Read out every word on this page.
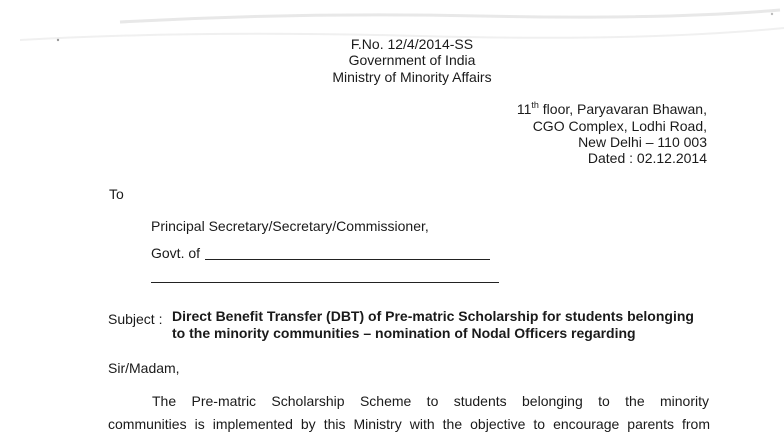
F.No. 12/4/2014-SS
Government of India
Ministry of Minority Affairs
11th floor, Paryavaran Bhawan,
CGO Complex, Lodhi Road,
New Delhi – 110 003
Dated : 02.12.2014
To
Principal Secretary/Secretary/Commissioner,
Govt. of
Subject : Direct Benefit Transfer (DBT) of Pre-matric Scholarship for students belonging
to the minority communities – nomination of Nodal Officers regarding
Sir/Madam,
The Pre-matric Scholarship Scheme to students belonging to the minority
communities is implemented by this Ministry with the objective to encourage parents from
